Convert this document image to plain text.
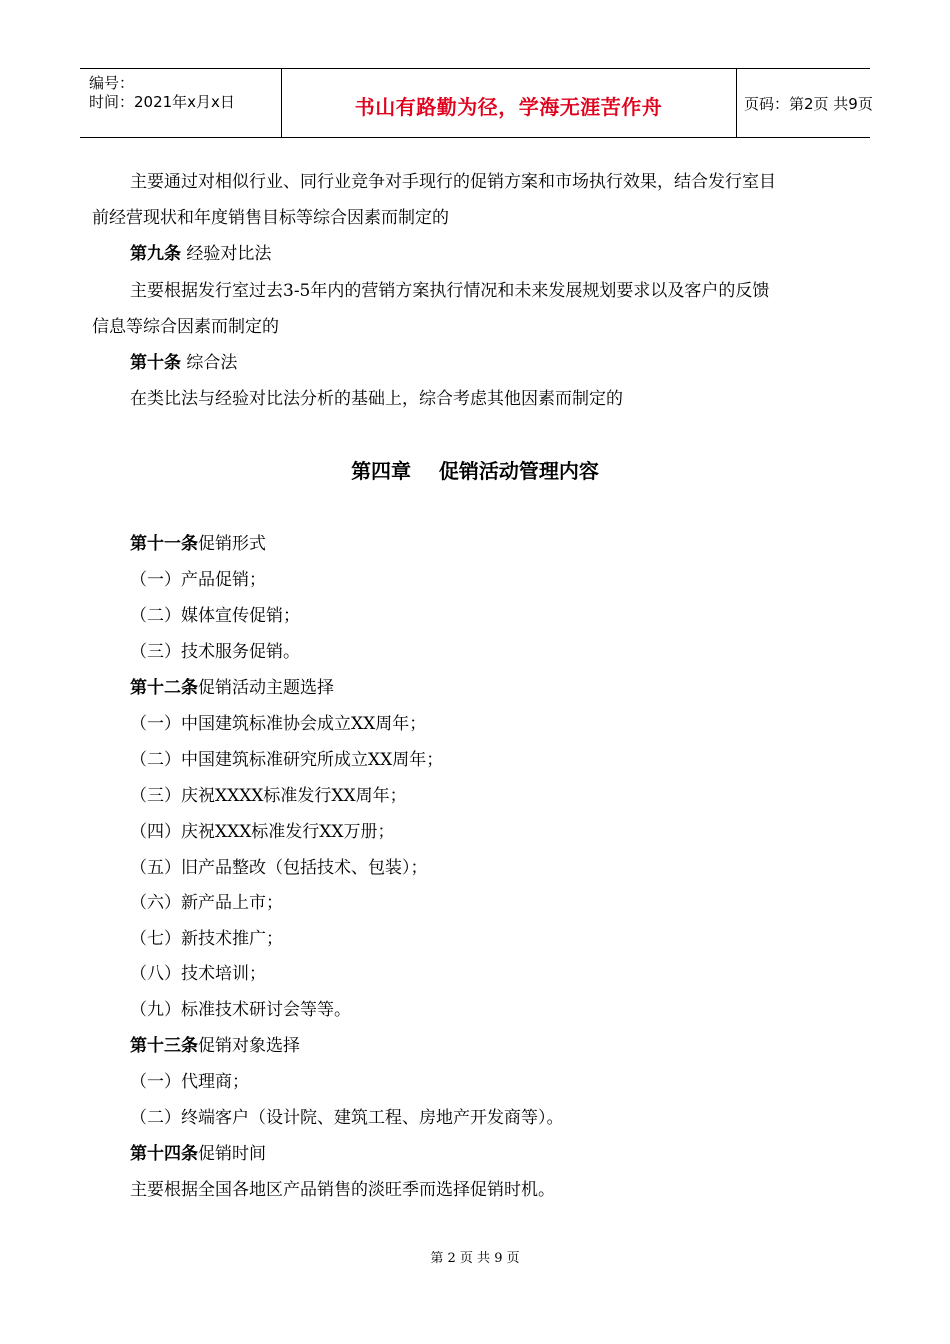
编号：
时间：2021年x月x日	书山有路勤为径，学海无涯苦作舟	页码：第2页 共9页
主要通过对相似行业、同行业竞争对手现行的促销方案和市场执行效果，结合发行室目
前经营现状和年度销售目标等综合因素而制定的
第九条 经验对比法
主要根据发行室过去3-5年内的营销方案执行情况和未来发展规划要求以及客户的反馈
信息等综合因素而制定的
第十条 综合法
在类比法与经验对比法分析的基础上，综合考虑其他因素而制定的
第四章    促销活动管理内容
第十一条促销形式
（一）产品促销；
（二）媒体宣传促销；
（三）技术服务促销。
第十二条促销活动主题选择
（一）中国建筑标准协会成立XX周年；
（二）中国建筑标准研究所成立XX周年；
（三）庆祝XXXX标准发行XX周年；
（四）庆祝XXX标准发行XX万册；
（五）旧产品整改（包括技术、包装）；
（六）新产品上市；
（七）新技术推广；
（八）技术培训；
（九）标准技术研讨会等等。
第十三条促销对象选择
（一）代理商；
（二）终端客户（设计院、建筑工程、房地产开发商等）。
第十四条促销时间
主要根据全国各地区产品销售的淡旺季而选择促销时机。
第 2 页 共 9 页
